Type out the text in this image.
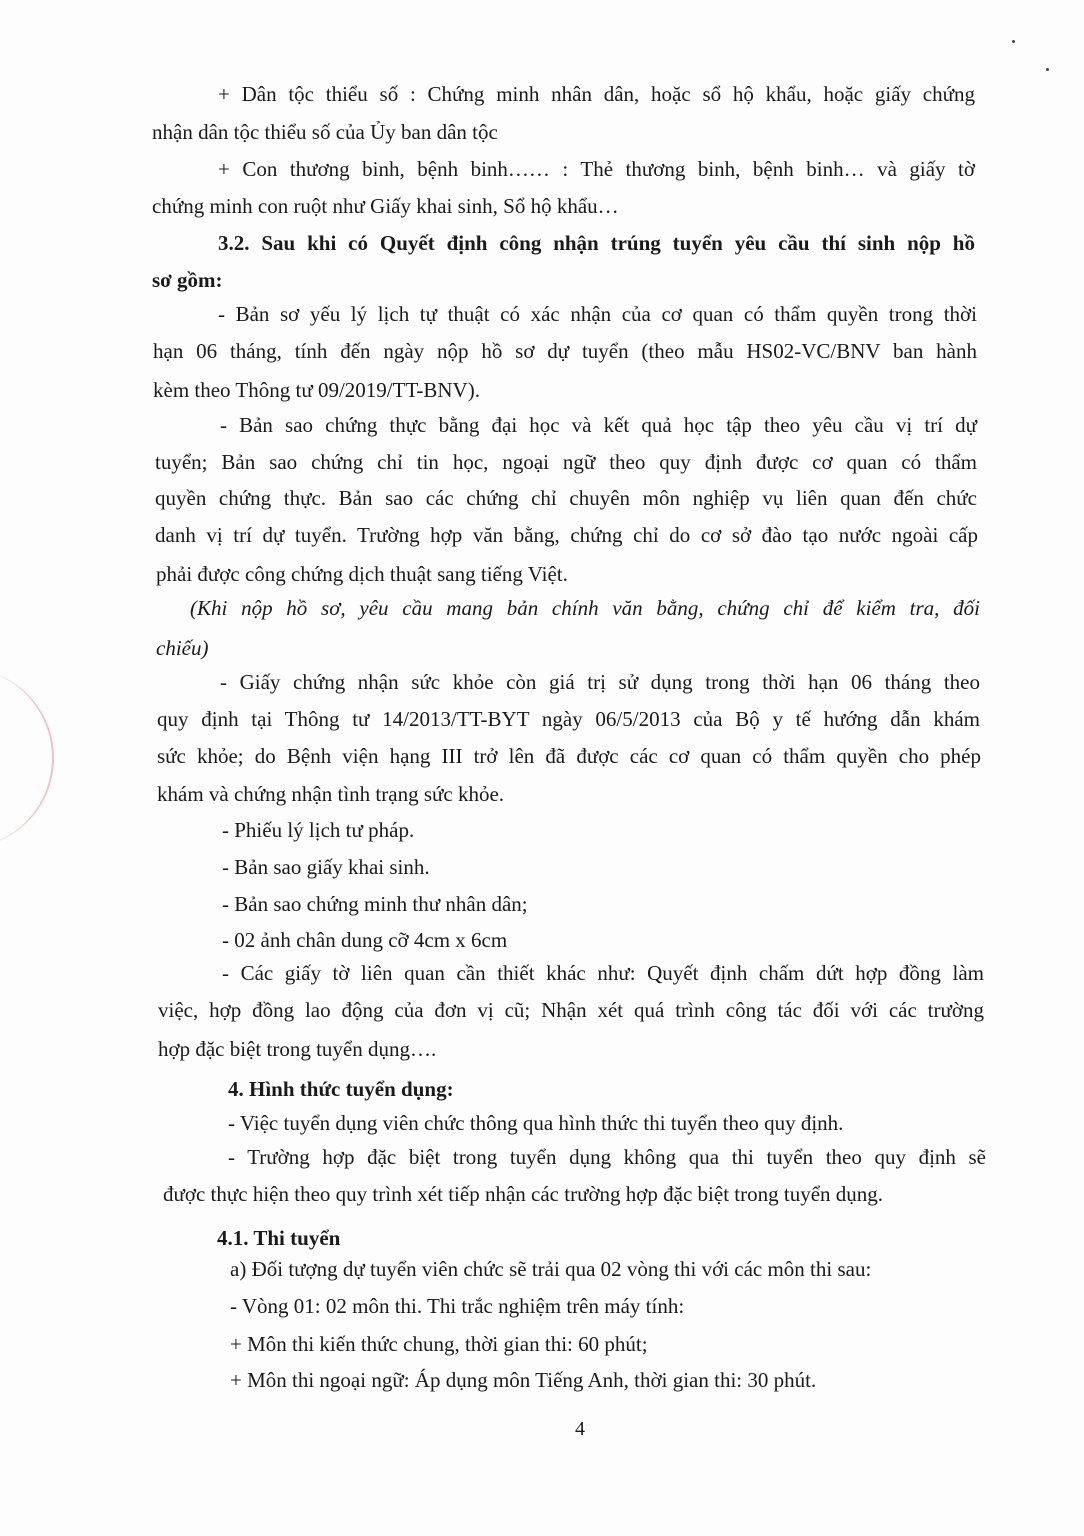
+ Dân tộc thiểu số : Chứng minh nhân dân, hoặc sổ hộ khẩu, hoặc giấy chứng
nhận dân tộc thiểu số của Ủy ban dân tộc
+ Con thương binh, bệnh binh…… : Thẻ thương binh, bệnh binh… và giấy tờ
chứng minh con ruột như Giấy khai sinh, Sổ hộ khẩu…
3.2. Sau khi có Quyết định công nhận trúng tuyển yêu cầu thí sinh nộp hồ
sơ gồm:
- Bản sơ yếu lý lịch tự thuật có xác nhận của cơ quan có thẩm quyền trong thời
hạn 06 tháng, tính đến ngày nộp hồ sơ dự tuyển (theo mẫu HS02-VC/BNV ban hành
kèm theo Thông tư 09/2019/TT-BNV).
- Bản sao chứng thực bằng đại học và kết quả học tập theo yêu cầu vị trí dự
tuyển; Bản sao chứng chỉ tin học, ngoại ngữ theo quy định được cơ quan có thẩm
quyền chứng thực. Bản sao các chứng chỉ chuyên môn nghiệp vụ liên quan đến chức
danh vị trí dự tuyển. Trường hợp văn bằng, chứng chỉ do cơ sở đào tạo nước ngoài cấp
phải được công chứng dịch thuật sang tiếng Việt.
(Khi nộp hồ sơ, yêu cầu mang bản chính văn bằng, chứng chỉ để kiểm tra, đối
chiếu)
- Giấy chứng nhận sức khỏe còn giá trị sử dụng trong thời hạn 06 tháng theo
quy định tại Thông tư 14/2013/TT-BYT ngày 06/5/2013 của Bộ y tế hướng dẫn khám
sức khỏe; do Bệnh viện hạng III trở lên đã được các cơ quan có thẩm quyền cho phép
khám và chứng nhận tình trạng sức khỏe.
- Phiếu lý lịch tư pháp.
- Bản sao giấy khai sinh.
- Bản sao chứng minh thư nhân dân;
- 02 ảnh chân dung cỡ 4cm x 6cm
- Các giấy tờ liên quan cần thiết khác như: Quyết định chấm dứt hợp đồng làm
việc, hợp đồng lao động của đơn vị cũ; Nhận xét quá trình công tác đối với các trường
hợp đặc biệt trong tuyển dụng….
4. Hình thức tuyển dụng:
- Việc tuyển dụng viên chức thông qua hình thức thi tuyển theo quy định.
- Trường hợp đặc biệt trong tuyển dụng không qua thi tuyển theo quy định sẽ
được thực hiện theo quy trình xét tiếp nhận các trường hợp đặc biệt trong tuyển dụng.
4.1. Thi tuyển
a) Đối tượng dự tuyển viên chức sẽ trải qua 02 vòng thi với các môn thi sau:
- Vòng 01: 02 môn thi. Thi trắc nghiệm trên máy tính:
+ Môn thi kiến thức chung, thời gian thi: 60 phút;
+ Môn thi ngoại ngữ: Áp dụng môn Tiếng Anh, thời gian thi: 30 phút.
4
